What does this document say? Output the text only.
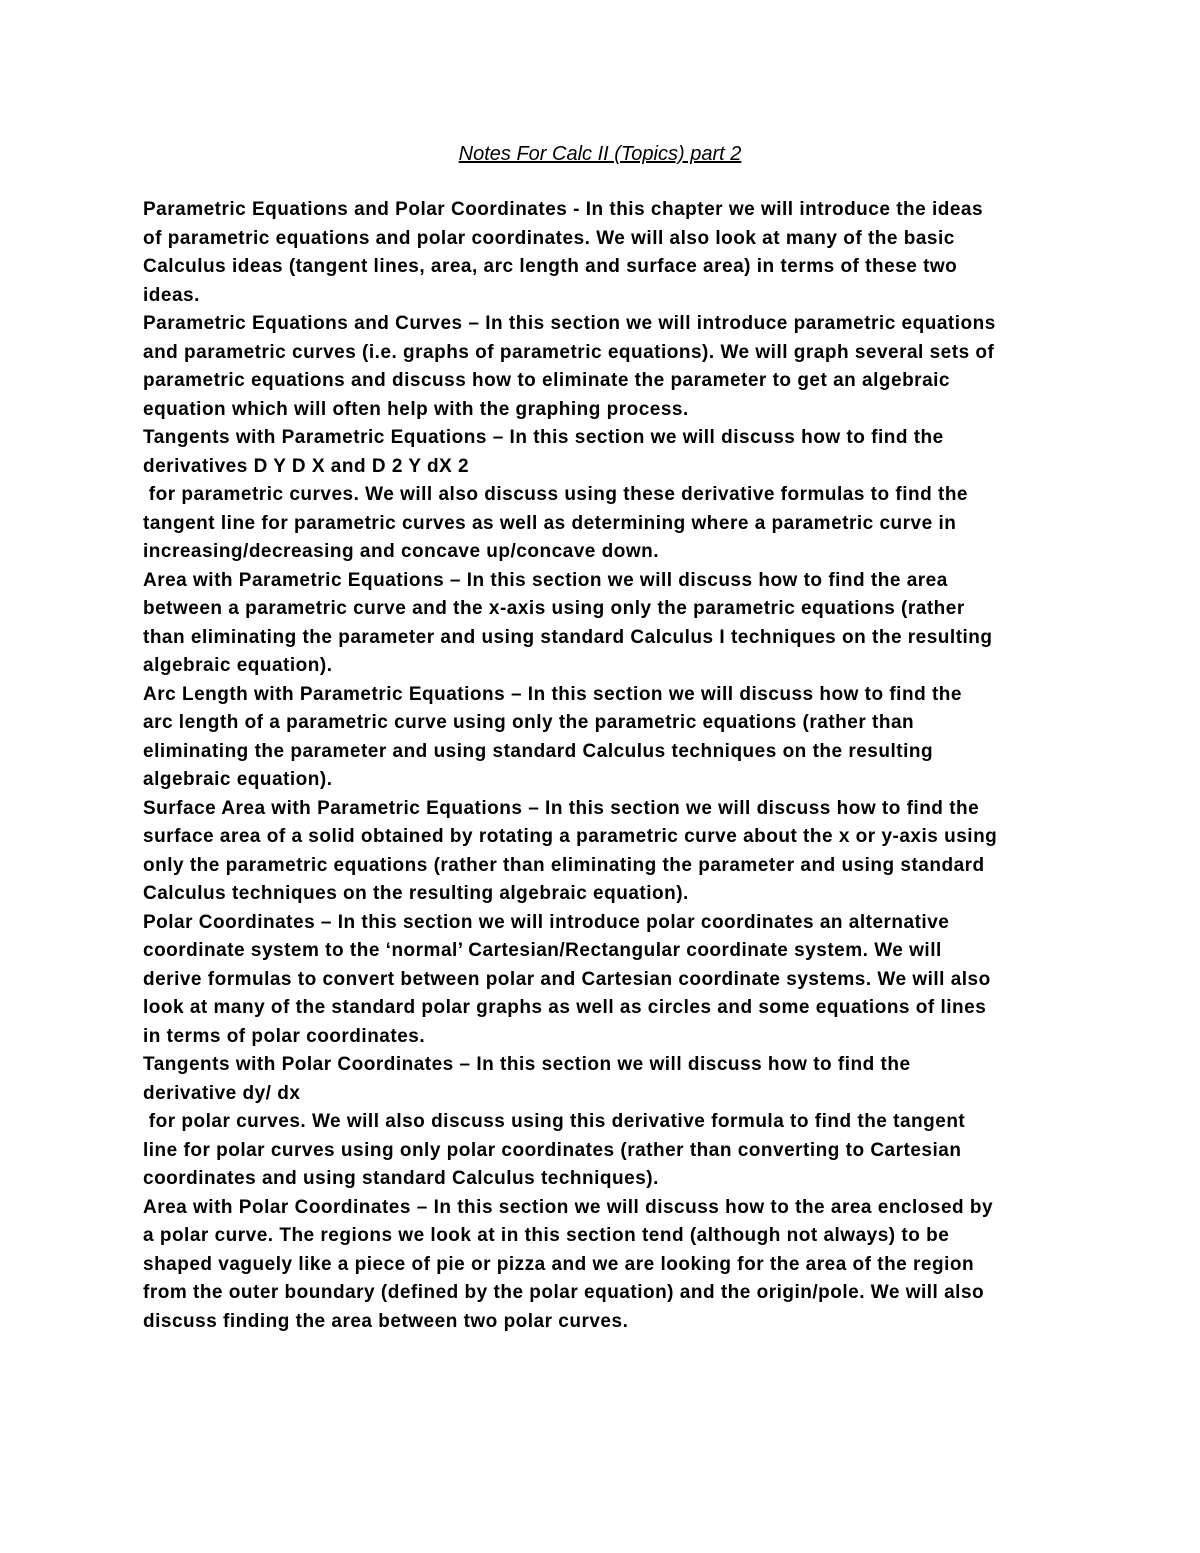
Notes For Calc II (Topics) part 2

Parametric Equations and Polar Coordinates - In this chapter we will introduce the ideas
of parametric equations and polar coordinates. We will also look at many of the basic
Calculus ideas (tangent lines, area, arc length and surface area) in terms of these two
ideas.
Parametric Equations and Curves – In this section we will introduce parametric equations
and parametric curves (i.e. graphs of parametric equations). We will graph several sets of
parametric equations and discuss how to eliminate the parameter to get an algebraic
equation which will often help with the graphing process.
Tangents with Parametric Equations – In this section we will discuss how to find the
derivatives D Y D X and D 2 Y dX 2
for parametric curves. We will also discuss using these derivative formulas to find the
tangent line for parametric curves as well as determining where a parametric curve in
increasing/decreasing and concave up/concave down.
Area with Parametric Equations – In this section we will discuss how to find the area
between a parametric curve and the x-axis using only the parametric equations (rather
than eliminating the parameter and using standard Calculus I techniques on the resulting
algebraic equation).
Arc Length with Parametric Equations – In this section we will discuss how to find the
arc length of a parametric curve using only the parametric equations (rather than
eliminating the parameter and using standard Calculus techniques on the resulting
algebraic equation).
Surface Area with Parametric Equations – In this section we will discuss how to find the
surface area of a solid obtained by rotating a parametric curve about the x or y-axis using
only the parametric equations (rather than eliminating the parameter and using standard
Calculus techniques on the resulting algebraic equation).
Polar Coordinates – In this section we will introduce polar coordinates an alternative
coordinate system to the ‘normal’ Cartesian/Rectangular coordinate system. We will
derive formulas to convert between polar and Cartesian coordinate systems. We will also
look at many of the standard polar graphs as well as circles and some equations of lines
in terms of polar coordinates.
Tangents with Polar Coordinates – In this section we will discuss how to find the
derivative dy/ dx
for polar curves. We will also discuss using this derivative formula to find the tangent
line for polar curves using only polar coordinates (rather than converting to Cartesian
coordinates and using standard Calculus techniques).
Area with Polar Coordinates – In this section we will discuss how to the area enclosed by
a polar curve. The regions we look at in this section tend (although not always) to be
shaped vaguely like a piece of pie or pizza and we are looking for the area of the region
from the outer boundary (defined by the polar equation) and the origin/pole. We will also
discuss finding the area between two polar curves.
